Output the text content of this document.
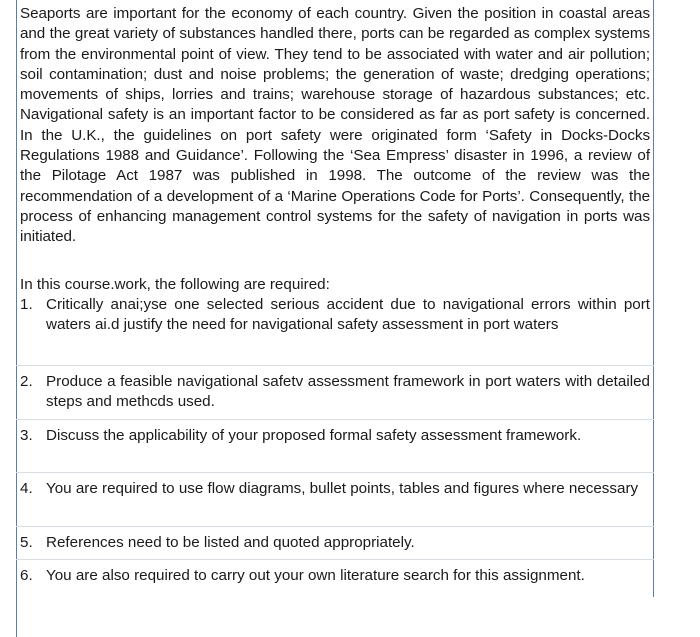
Seaports are important for the economy of each country. Given the position in coastal areas and the great variety of substances handled there, ports can be regarded as complex systems from the environmental point of view. They tend to be associated with water and air pollution; soil contamination; dust and noise problems; the generation of waste; dredging operations; movements of ships, lorries and trains; warehouse storage of hazardous substances; etc. Navigational safety is an important factor to be considered as far as port safety is concerned. In the U.K., the guidelines on port safety were originated form ‘Safety in Docks-Docks Regulations 1988 and Guidance’. Following the ‘Sea Empress’ disaster in 1996, a review of the Pilotage Act 1987 was published in 1998. The outcome of the review was the recommendation of a development of a ‘Marine Operations Code for Ports’. Consequently, the process of enhancing management control systems for the safety of navigation in ports was initiated.
In this course.work, the following are required:
1. Critically anai;yse one selected serious accident due to navigational errors within port waters ai.d justify the need for navigational safety assessment in port waters
2. Produce a feasible navigational safetv assessment framework in port waters with detailed steps and methcds used.
3. Discuss the applicability of your proposed formal safety assessment framework.
4. You are required to use flow diagrams, bullet points, tables and figures where necessary
5. References need to be listed and quoted appropriately.
6. You are also required to carry out your own literature search for this assignment.
